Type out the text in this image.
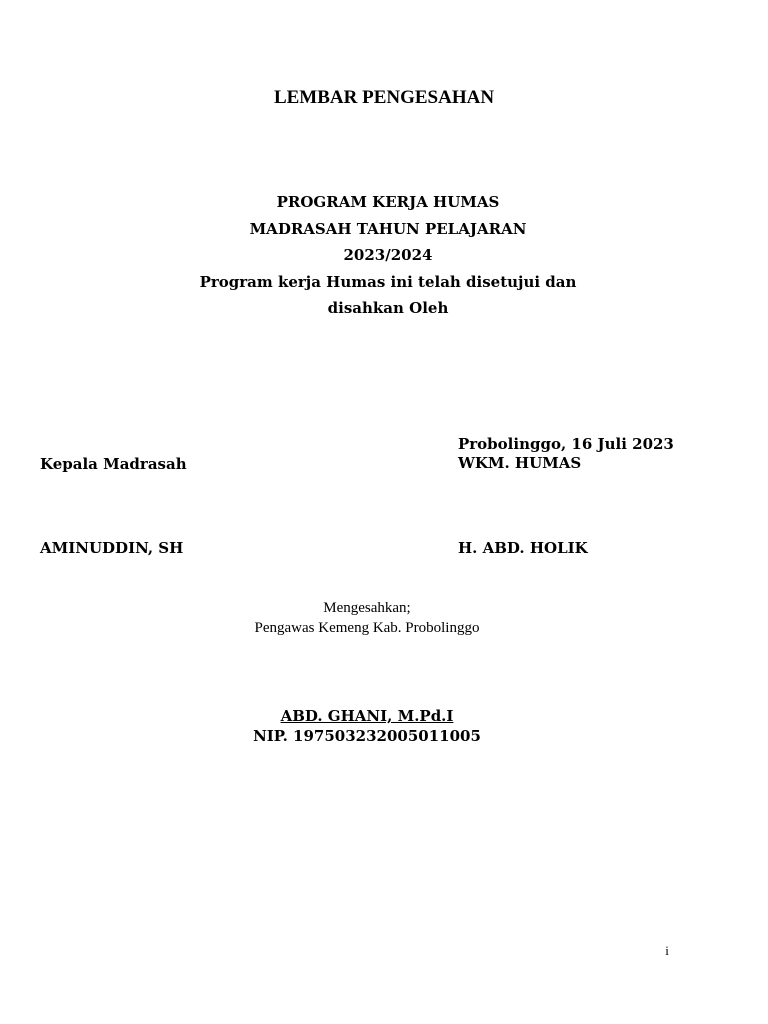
LEMBAR PENGESAHAN
PROGRAM KERJA HUMAS
MADRASAH TAHUN PELAJARAN
2023/2024
Program kerja Humas ini telah disetujui dan
disahkan Oleh
Probolinggo, 16 Juli 2023
Kepala Madrasah	WKM. HUMAS
AMINUDDIN, SH	H. ABD. HOLIK
Mengesahkan;
Pengawas Kemeng Kab. Probolinggo
ABD. GHANI, M.Pd.I
NIP. 197503232005011005
i
